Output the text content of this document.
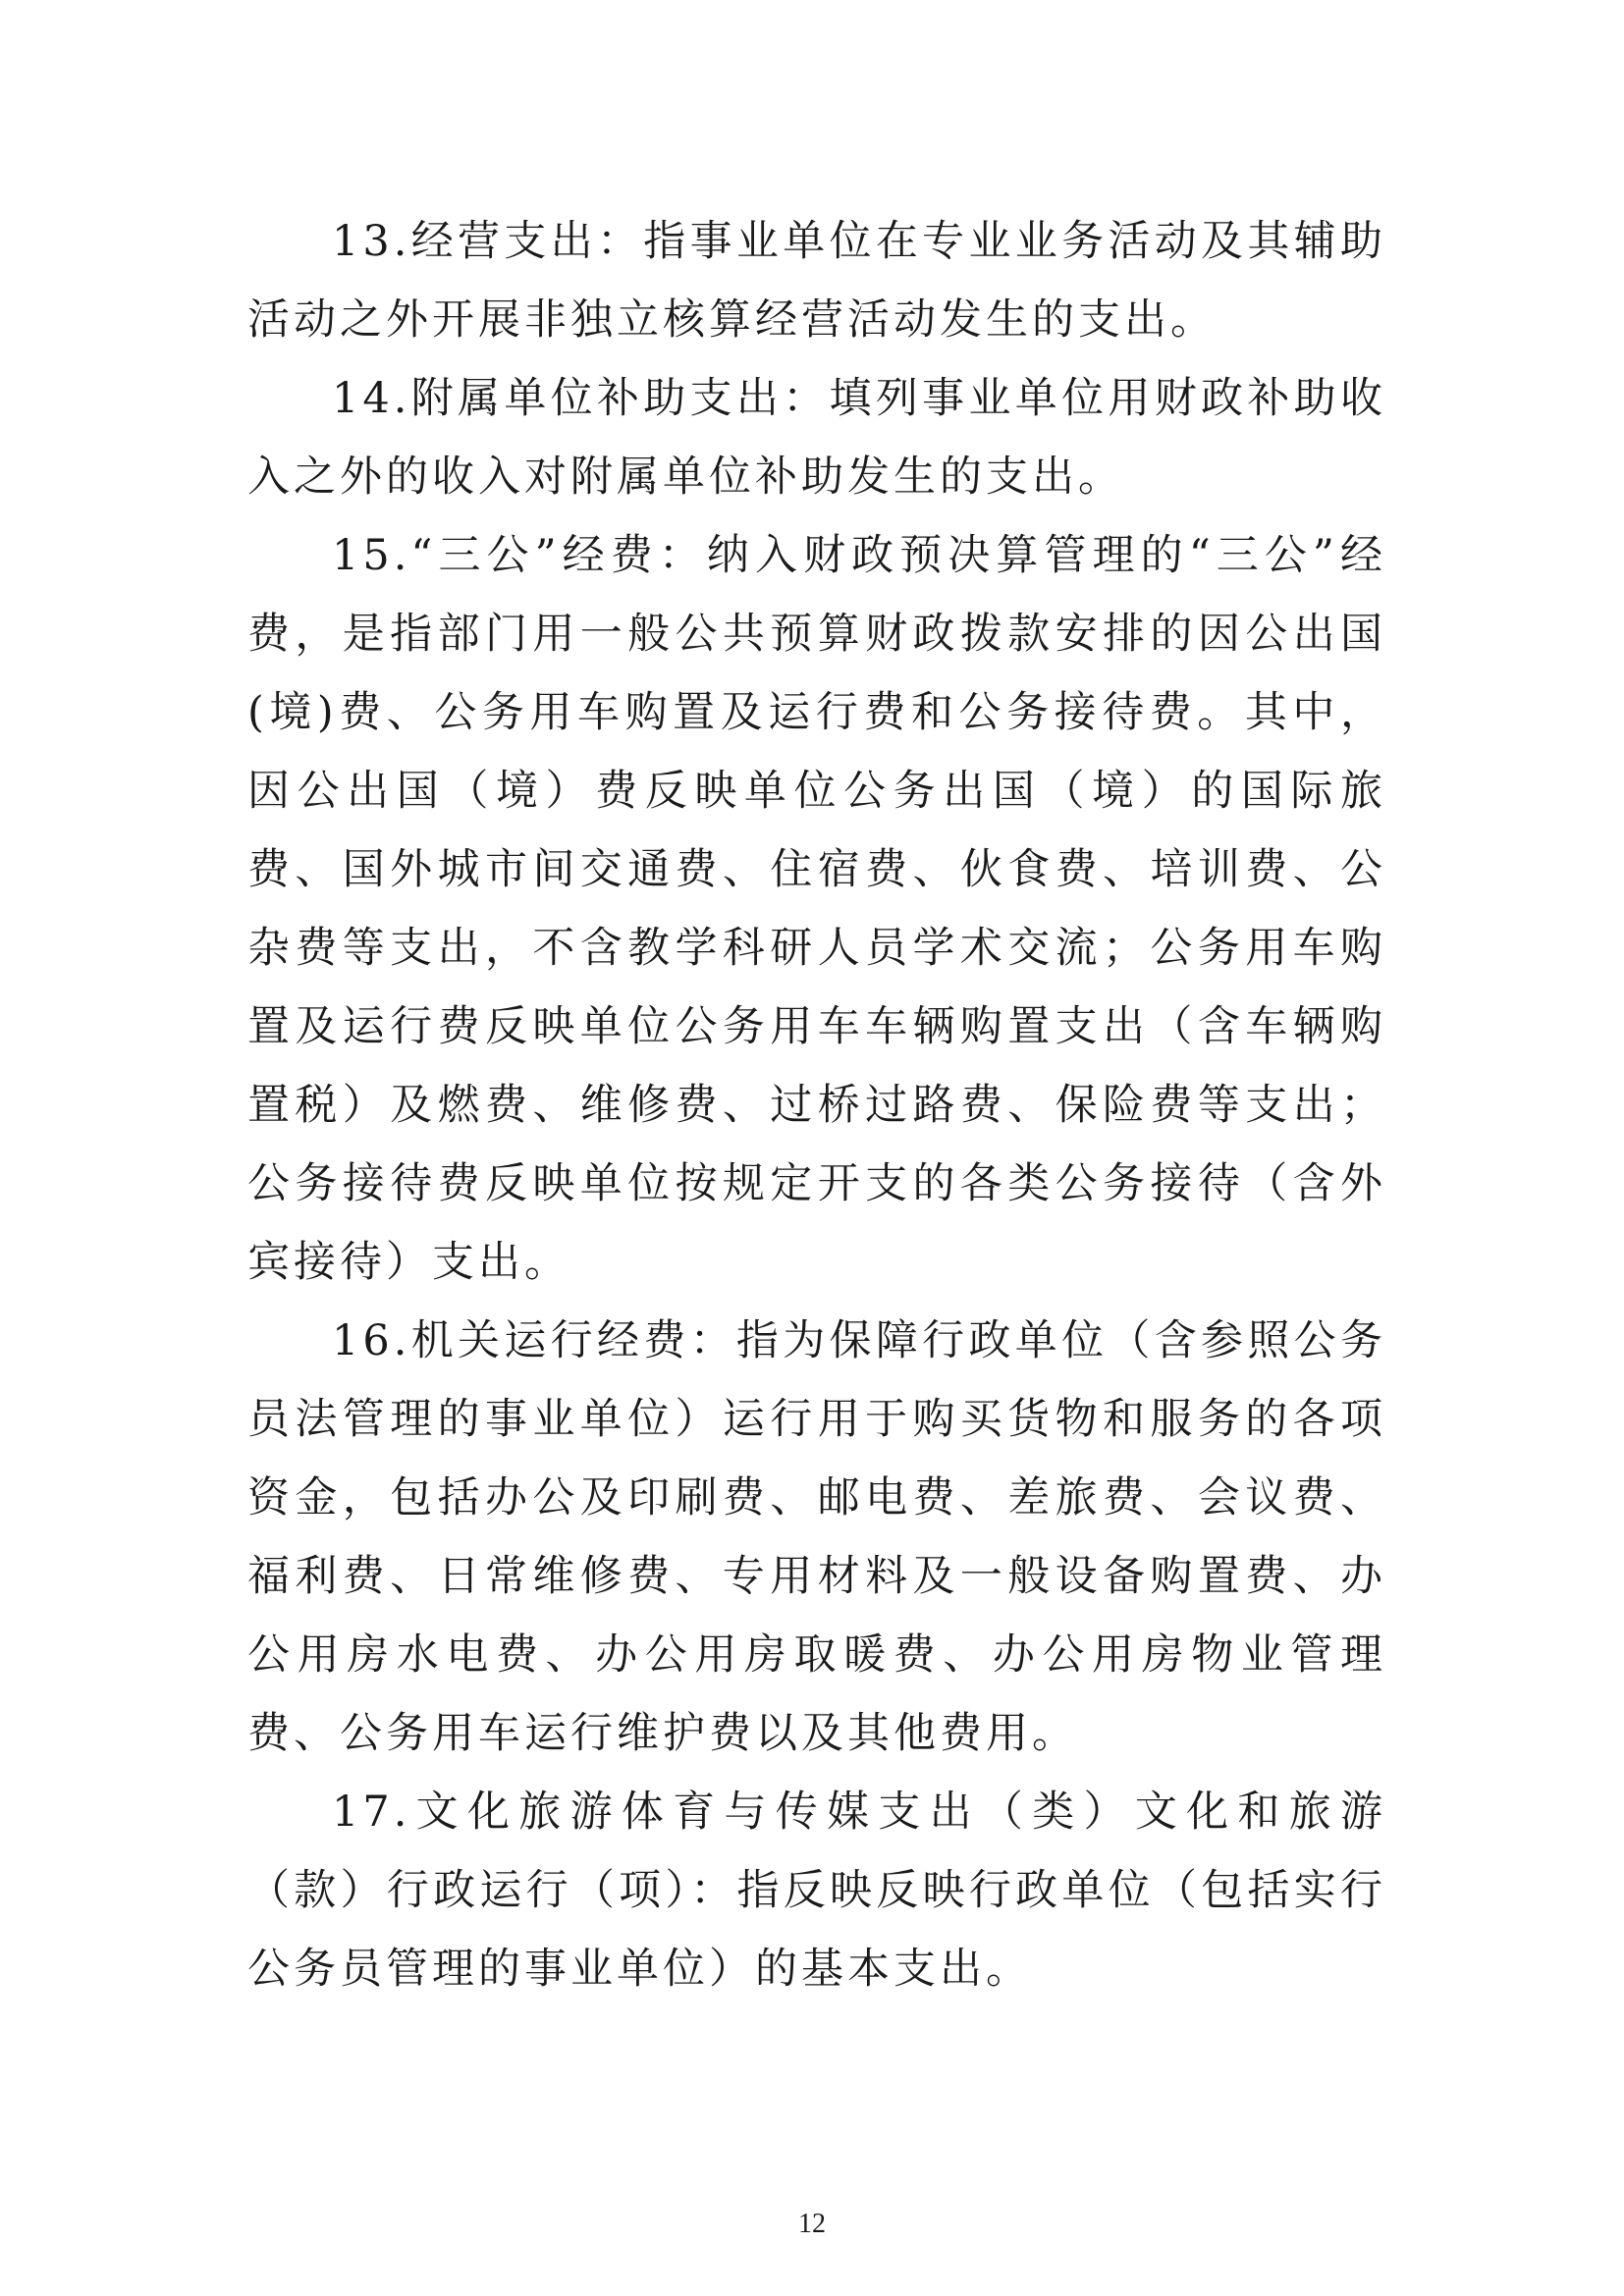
13.经营支出：指事业单位在专业业务活动及其辅助活动之外开展非独立核算经营活动发生的支出。

14.附属单位补助支出：填列事业单位用财政补助收入之外的收入对附属单位补助发生的支出。

15.“三公”经费：纳入财政预决算管理的“三公”经费，是指部门用一般公共预算财政拨款安排的因公出国(境)费、公务用车购置及运行费和公务接待费。其中，因公出国（境）费反映单位公务出国（境）的国际旅费、国外城市间交通费、住宿费、伙食费、培训费、公杂费等支出，不含教学科研人员学术交流；公务用车购置及运行费反映单位公务用车车辆购置支出（含车辆购置税）及燃费、维修费、过桥过路费、保险费等支出；公务接待费反映单位按规定开支的各类公务接待（含外宾接待）支出。

16.机关运行经费：指为保障行政单位（含参照公务员法管理的事业单位）运行用于购买货物和服务的各项资金，包括办公及印刷费、邮电费、差旅费、会议费、福利费、日常维修费、专用材料及一般设备购置费、办公用房水电费、办公用房取暖费、办公用房物业管理费、公务用车运行维护费以及其他费用。

17.文化旅游体育与传媒支出（类）文化和旅游（款）行政运行（项）：指反映反映行政单位（包括实行公务员管理的事业单位）的基本支出。

12
